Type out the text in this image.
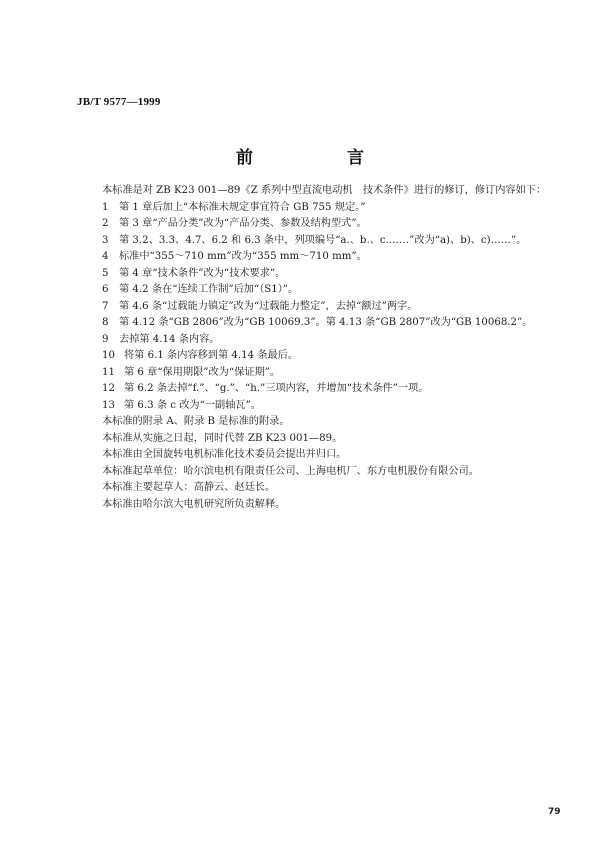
JB/T 9577—1999
前 言
本标准是对 ZB K23 001—89《Z 系列中型直流电动机　技术条件》进行的修订，修订内容如下：
1 第 1 章后加上“本标准未规定事宜符合 GB 755 规定。”
2 第 3 章“产品分类”改为“产品分类、参数及结构型式”。
3 第 3.2、3.3、4.7、6.2 和 6.3 条中，列项编号“a.、b.、c.……”改为“a)、b)、c)……”。
4 标准中“355～710 mm”改为“355 mm～710 mm”。
5 第 4 章“技术条件”改为“技术要求”。
6 第 4.2 条在“连续工作制”后加“（S1）”。
7 第 4.6 条“过载能力镇定”改为“过载能力整定”，去掉“额过”两字。
8 第 4.12 条“GB 2806”改为“GB 10069.3”。第 4.13 条“GB 2807”改为“GB 10068.2”。
9 去掉第 4.14 条内容。
10 将第 6.1 条内容移到第 4.14 条最后。
11 第 6 章“保用期限”改为“保证期”。
12 第 6.2 条去掉“f.”、“g.”、“h.”三项内容，并增加“技术条件”一项。
13 第 6.3 条 c 改为“一副轴瓦”。
本标准的附录 A、附录 B 是标准的附录。
本标准从实施之日起，同时代替 ZB K23 001—89。
本标准由全国旋转电机标准化技术委员会提出并归口。
本标准起草单位：哈尔滨电机有限责任公司、上海电机厂、东方电机股份有限公司。
本标准主要起草人：高静云、赵廷长。
本标准由哈尔滨大电机研究所负责解释。
79
